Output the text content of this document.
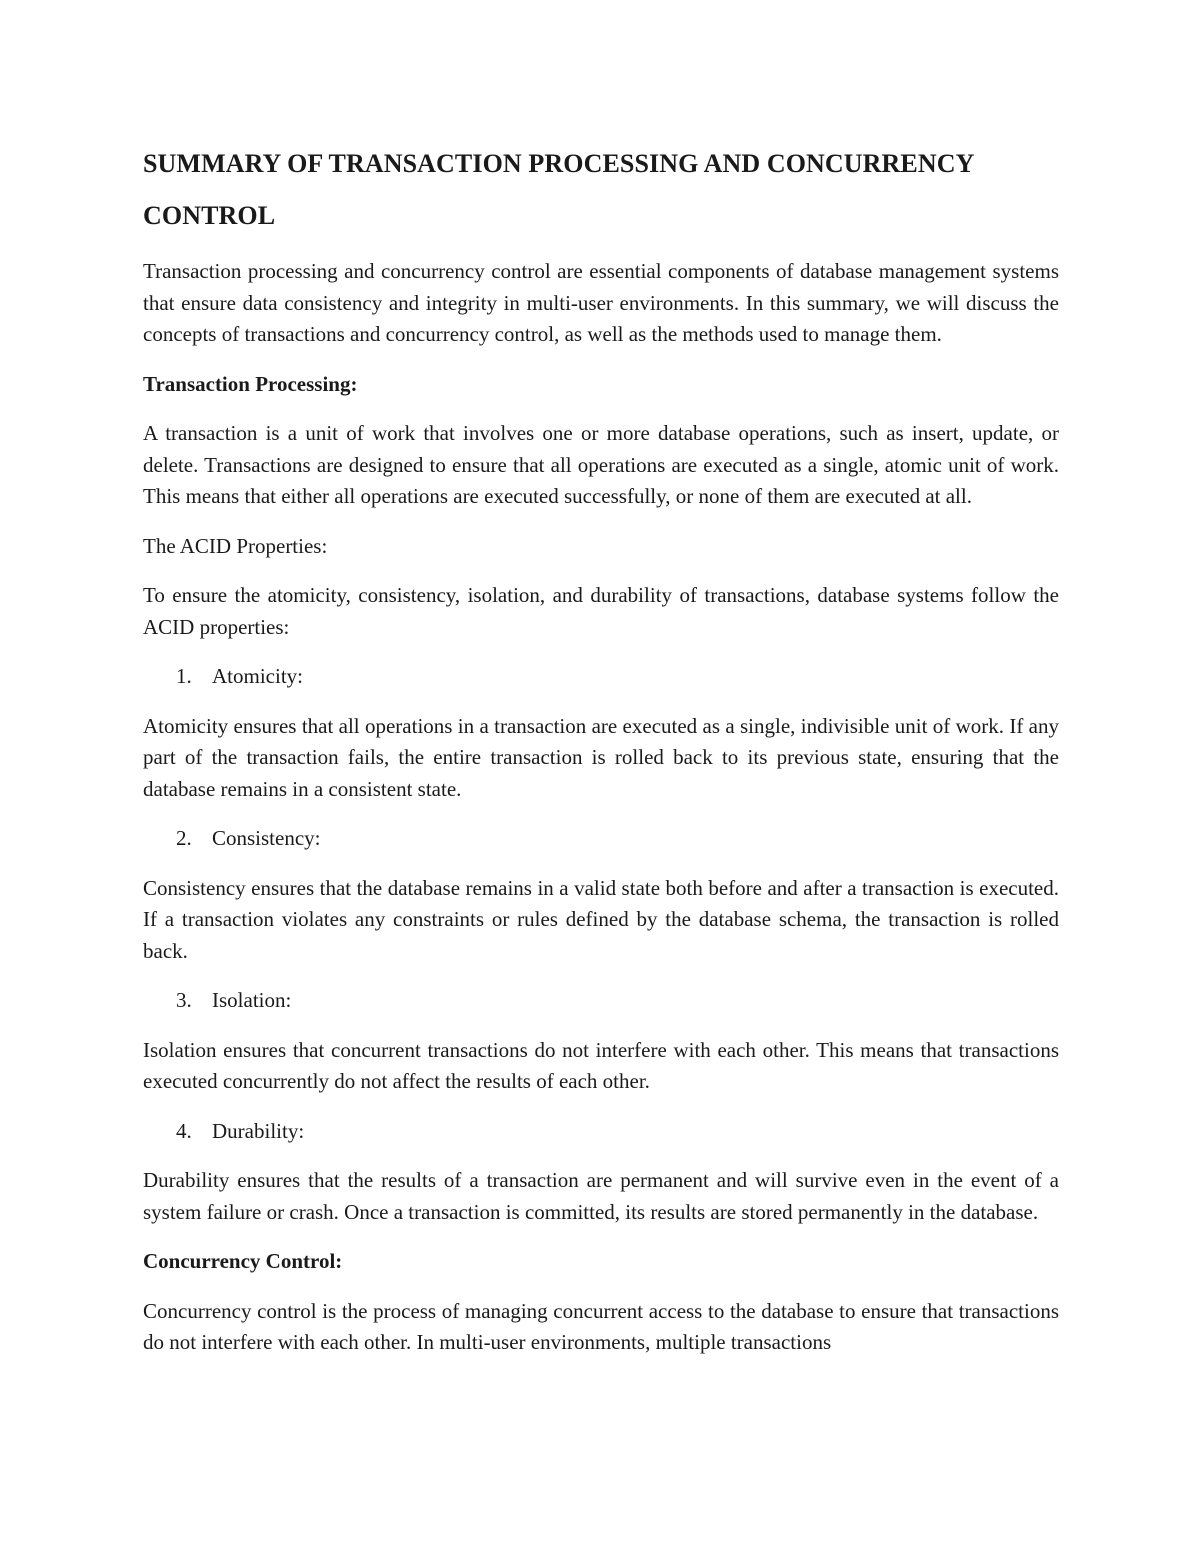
SUMMARY OF TRANSACTION PROCESSING AND CONCURRENCY CONTROL

Transaction processing and concurrency control are essential components of database management systems that ensure data consistency and integrity in multi-user environments. In this summary, we will discuss the concepts of transactions and concurrency control, as well as the methods used to manage them.

Transaction Processing:

A transaction is a unit of work that involves one or more database operations, such as insert, update, or delete. Transactions are designed to ensure that all operations are executed as a single, atomic unit of work. This means that either all operations are executed successfully, or none of them are executed at all.

The ACID Properties:

To ensure the atomicity, consistency, isolation, and durability of transactions, database systems follow the ACID properties:

1. Atomicity:

Atomicity ensures that all operations in a transaction are executed as a single, indivisible unit of work. If any part of the transaction fails, the entire transaction is rolled back to its previous state, ensuring that the database remains in a consistent state.

2. Consistency:

Consistency ensures that the database remains in a valid state both before and after a transaction is executed. If a transaction violates any constraints or rules defined by the database schema, the transaction is rolled back.

3. Isolation:

Isolation ensures that concurrent transactions do not interfere with each other. This means that transactions executed concurrently do not affect the results of each other.

4. Durability:

Durability ensures that the results of a transaction are permanent and will survive even in the event of a system failure or crash. Once a transaction is committed, its results are stored permanently in the database.

Concurrency Control:

Concurrency control is the process of managing concurrent access to the database to ensure that transactions do not interfere with each other. In multi-user environments, multiple transactions
